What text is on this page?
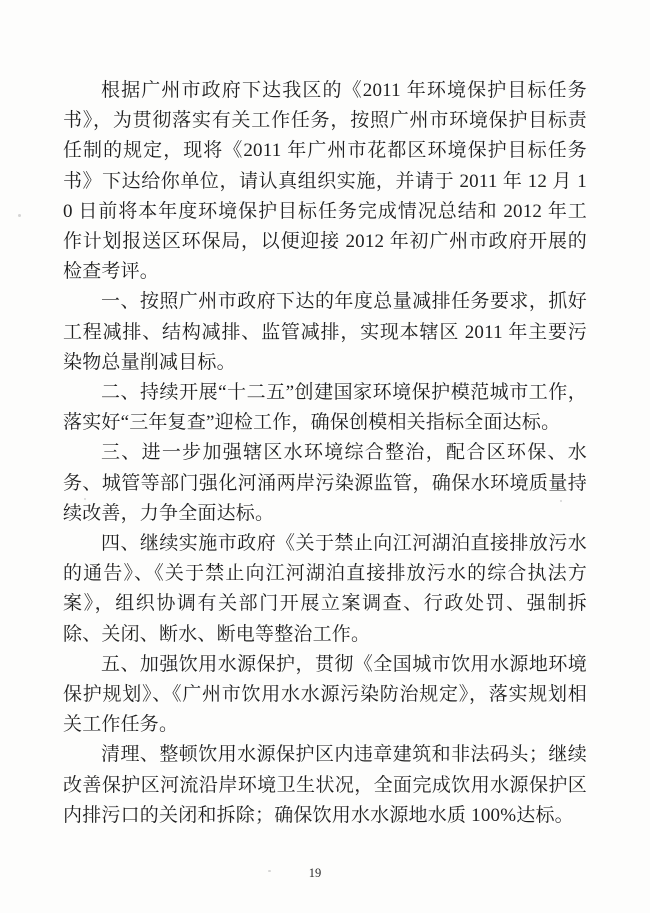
根据广州市政府下达我区的《2011 年环境保护目标任务书》，为贯彻落实有关工作任务，按照广州市环境保护目标责任制的规定，现将《2011 年广州市花都区环境保护目标任务书》下达给你单位，请认真组织实施，并请于 2011 年 12 月 10 日前将本年度环境保护目标任务完成情况总结和 2012 年工作计划报送区环保局，以便迎接 2012 年初广州市政府开展的检查考评。

一、按照广州市政府下达的年度总量减排任务要求，抓好工程减排、结构减排、监管减排，实现本辖区 2011 年主要污染物总量削减目标。

二、持续开展“十二五”创建国家环境保护模范城市工作，落实好“三年复查”迎检工作，确保创模相关指标全面达标。

三、进一步加强辖区水环境综合整治，配合区环保、水务、城管等部门强化河涌两岸污染源监管，确保水环境质量持续改善，力争全面达标。

四、继续实施市政府《关于禁止向江河湖泊直接排放污水的通告》、《关于禁止向江河湖泊直接排放污水的综合执法方案》，组织协调有关部门开展立案调查、行政处罚、强制拆除、关闭、断水、断电等整治工作。

五、加强饮用水源保护，贯彻《全国城市饮用水源地环境保护规划》、《广州市饮用水水源污染防治规定》，落实规划相关工作任务。

清理、整顿饮用水源保护区内违章建筑和非法码头；继续改善保护区河流沿岸环境卫生状况，全面完成饮用水源保护区内排污口的关闭和拆除；确保饮用水水源地水质 100%达标。

19
